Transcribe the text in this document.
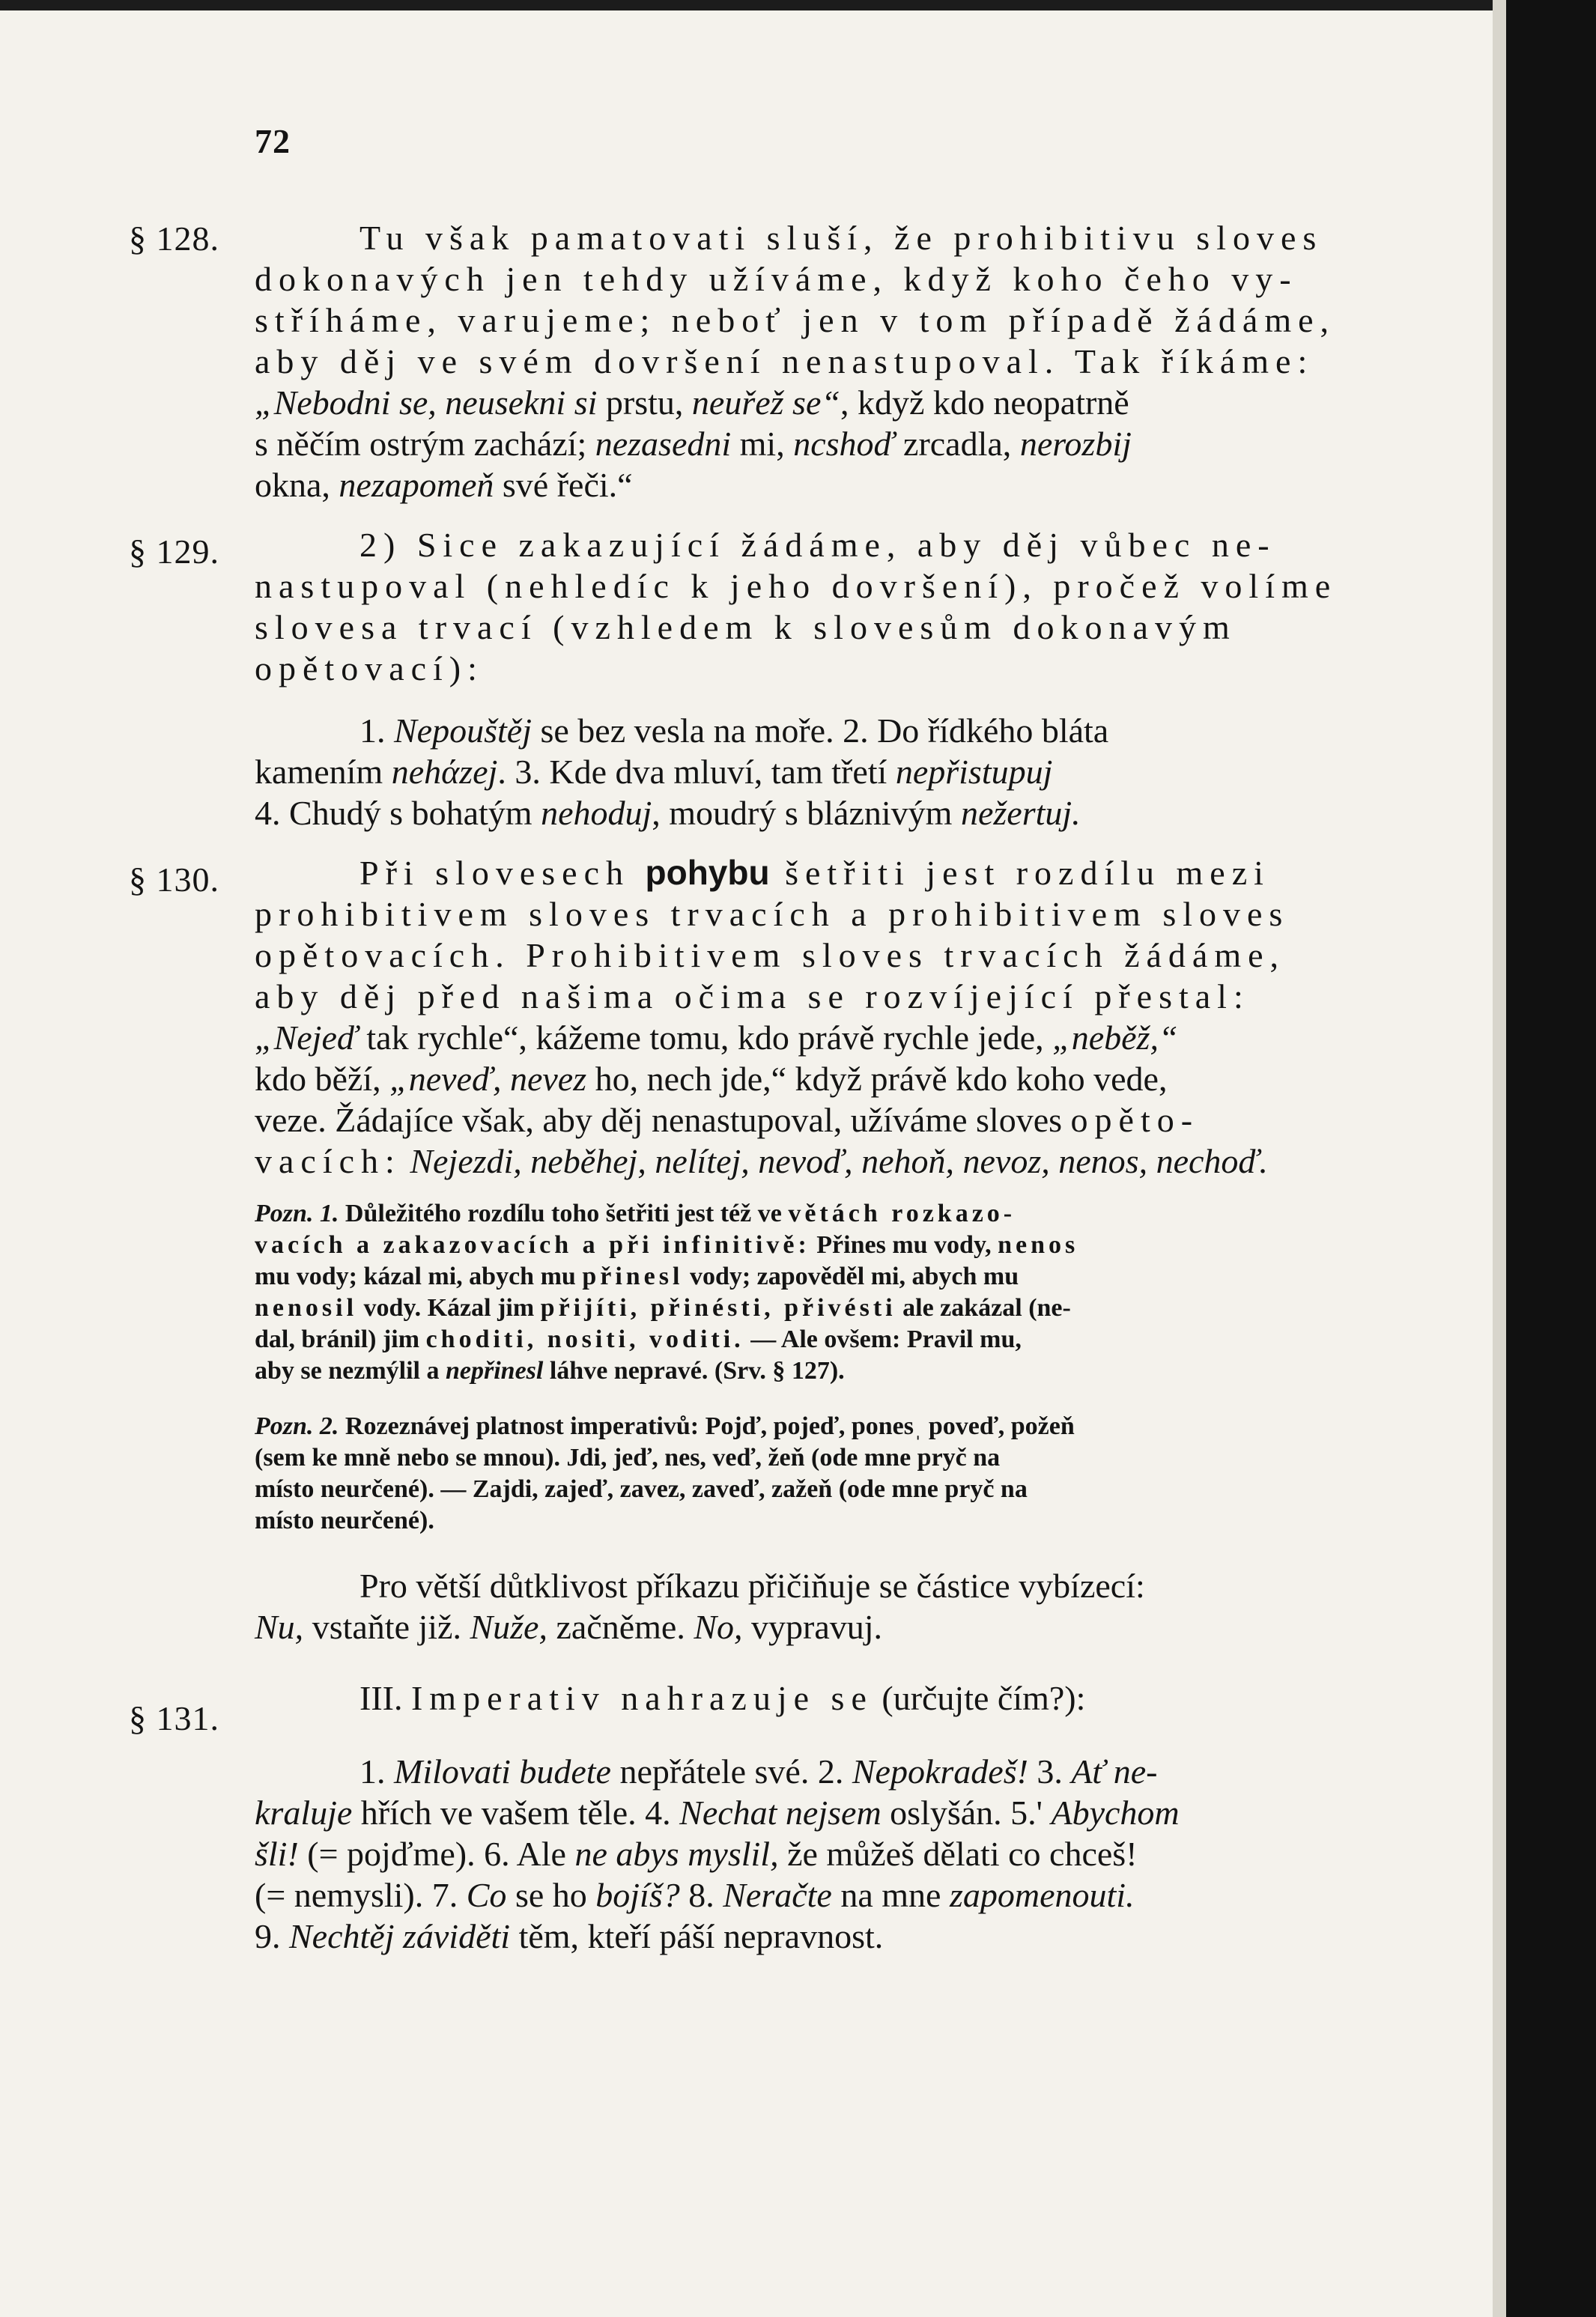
72
§ 128.	Tu však pamatovati sluší, že prohibitivu sloves
dokonavých jen tehdy užíváme, když koho čeho vy-
stříháme, varujeme; neboť jen v tom případě žádáme,
aby děj ve svém dovršení nenastupoval. Tak říkáme:
„Nebodni se, neusekni si prstu, neuřež se“, když kdo neopatrně
s něčím ostrým zachází; nezasedni mi, ncshoď zrcadla, nerozbij
okna, nezapomeň své řeči.“
§ 129.	2) Sice zakazující žádáme, aby děj vůbec ne-
nastupoval (nehledíc k jeho dovršení), pročež volíme
slovesa trvací (vzhledem k slovesům dokonavým
opětovací):
1. Nepouštěj se bez vesla na moře. 2. Do řídkého bláta
kamením nehάzej. 3. Kde dva mluví, tam třetí nepřistupuj
4. Chudý s bohatým nehoduj, moudrý s bláznivým nežertuj.
§ 130.	Při slovesech pohybu šetřiti jest rozdílu mezi
prohibitivem sloves trvacích a prohibitivem sloves
opětovacích. Prohibitivem sloves trvacích žádáme,
aby děj před našima očima se rozvíjející přestal:
„Nejeď tak rychle“, kážeme tomu, kdo právě rychle jede, „neběž,“
kdo běží, „neveď, nevez ho, nech jde,“ když právě kdo koho vede,
veze. Žádajíce však, aby děj nenastupoval, užíváme sloves opěto-
vacích: Nejezdi, neběhej, nelítej, nevoď, nehoň, nevoz, nenos, nechoď.
Pozn. 1. Důležitého rozdílu toho šetřiti jest též ve větách rozkazo-
vacích a zakazovacích a při infinitivě: Přines mu vody, nenos
mu vody; kázal mi, abych mu přinesl vody; zapověděl mi, abych mu
nenosil vody. Kázal jim přijíti, přinésti, přivésti ale zakázal (ne-
dal, bránil) jim choditi, nositi, voditi. — Ale ovšem: Pravil mu,
aby se nezmýlil a nepřinesl láhve nepravé. (Srv. § 127).
Pozn. 2. Rozeznávej platnost imperativů: Pojď, pojeď, ponesˌ poveď, požeň
(sem ke mně nebo se mnou). Jdi, jeď, nes, veď, žeň (ode mne pryč na
místo neurčené). — Zajdi, zajeď, zavez, zaveď, zažeň (ode mne pryč na
místo neurčené).
Pro větší důtklivost příkazu přičiňuje se částice vybízecí:
Nu, vstaňte již. Nuže, začněme. No, vypravuj.
§ 131.
III. Imperativ nahrazuje se (určujte čím?):
1. Milovati budete nepřátele své. 2. Nepokradeš! 3. Ať ne-
kraluje hřích ve vašem těle. 4. Nechat nejsem oslyšán. 5.' Abychom
šli! (= pojďme). 6. Ale ne abys myslil, že můžeš dělati co chceš!
(= nemysli). 7. Co se ho bojíš? 8. Neračte na mne zapomenouti.
9. Nechtěj záviděti těm, kteří páší nepravnost.
